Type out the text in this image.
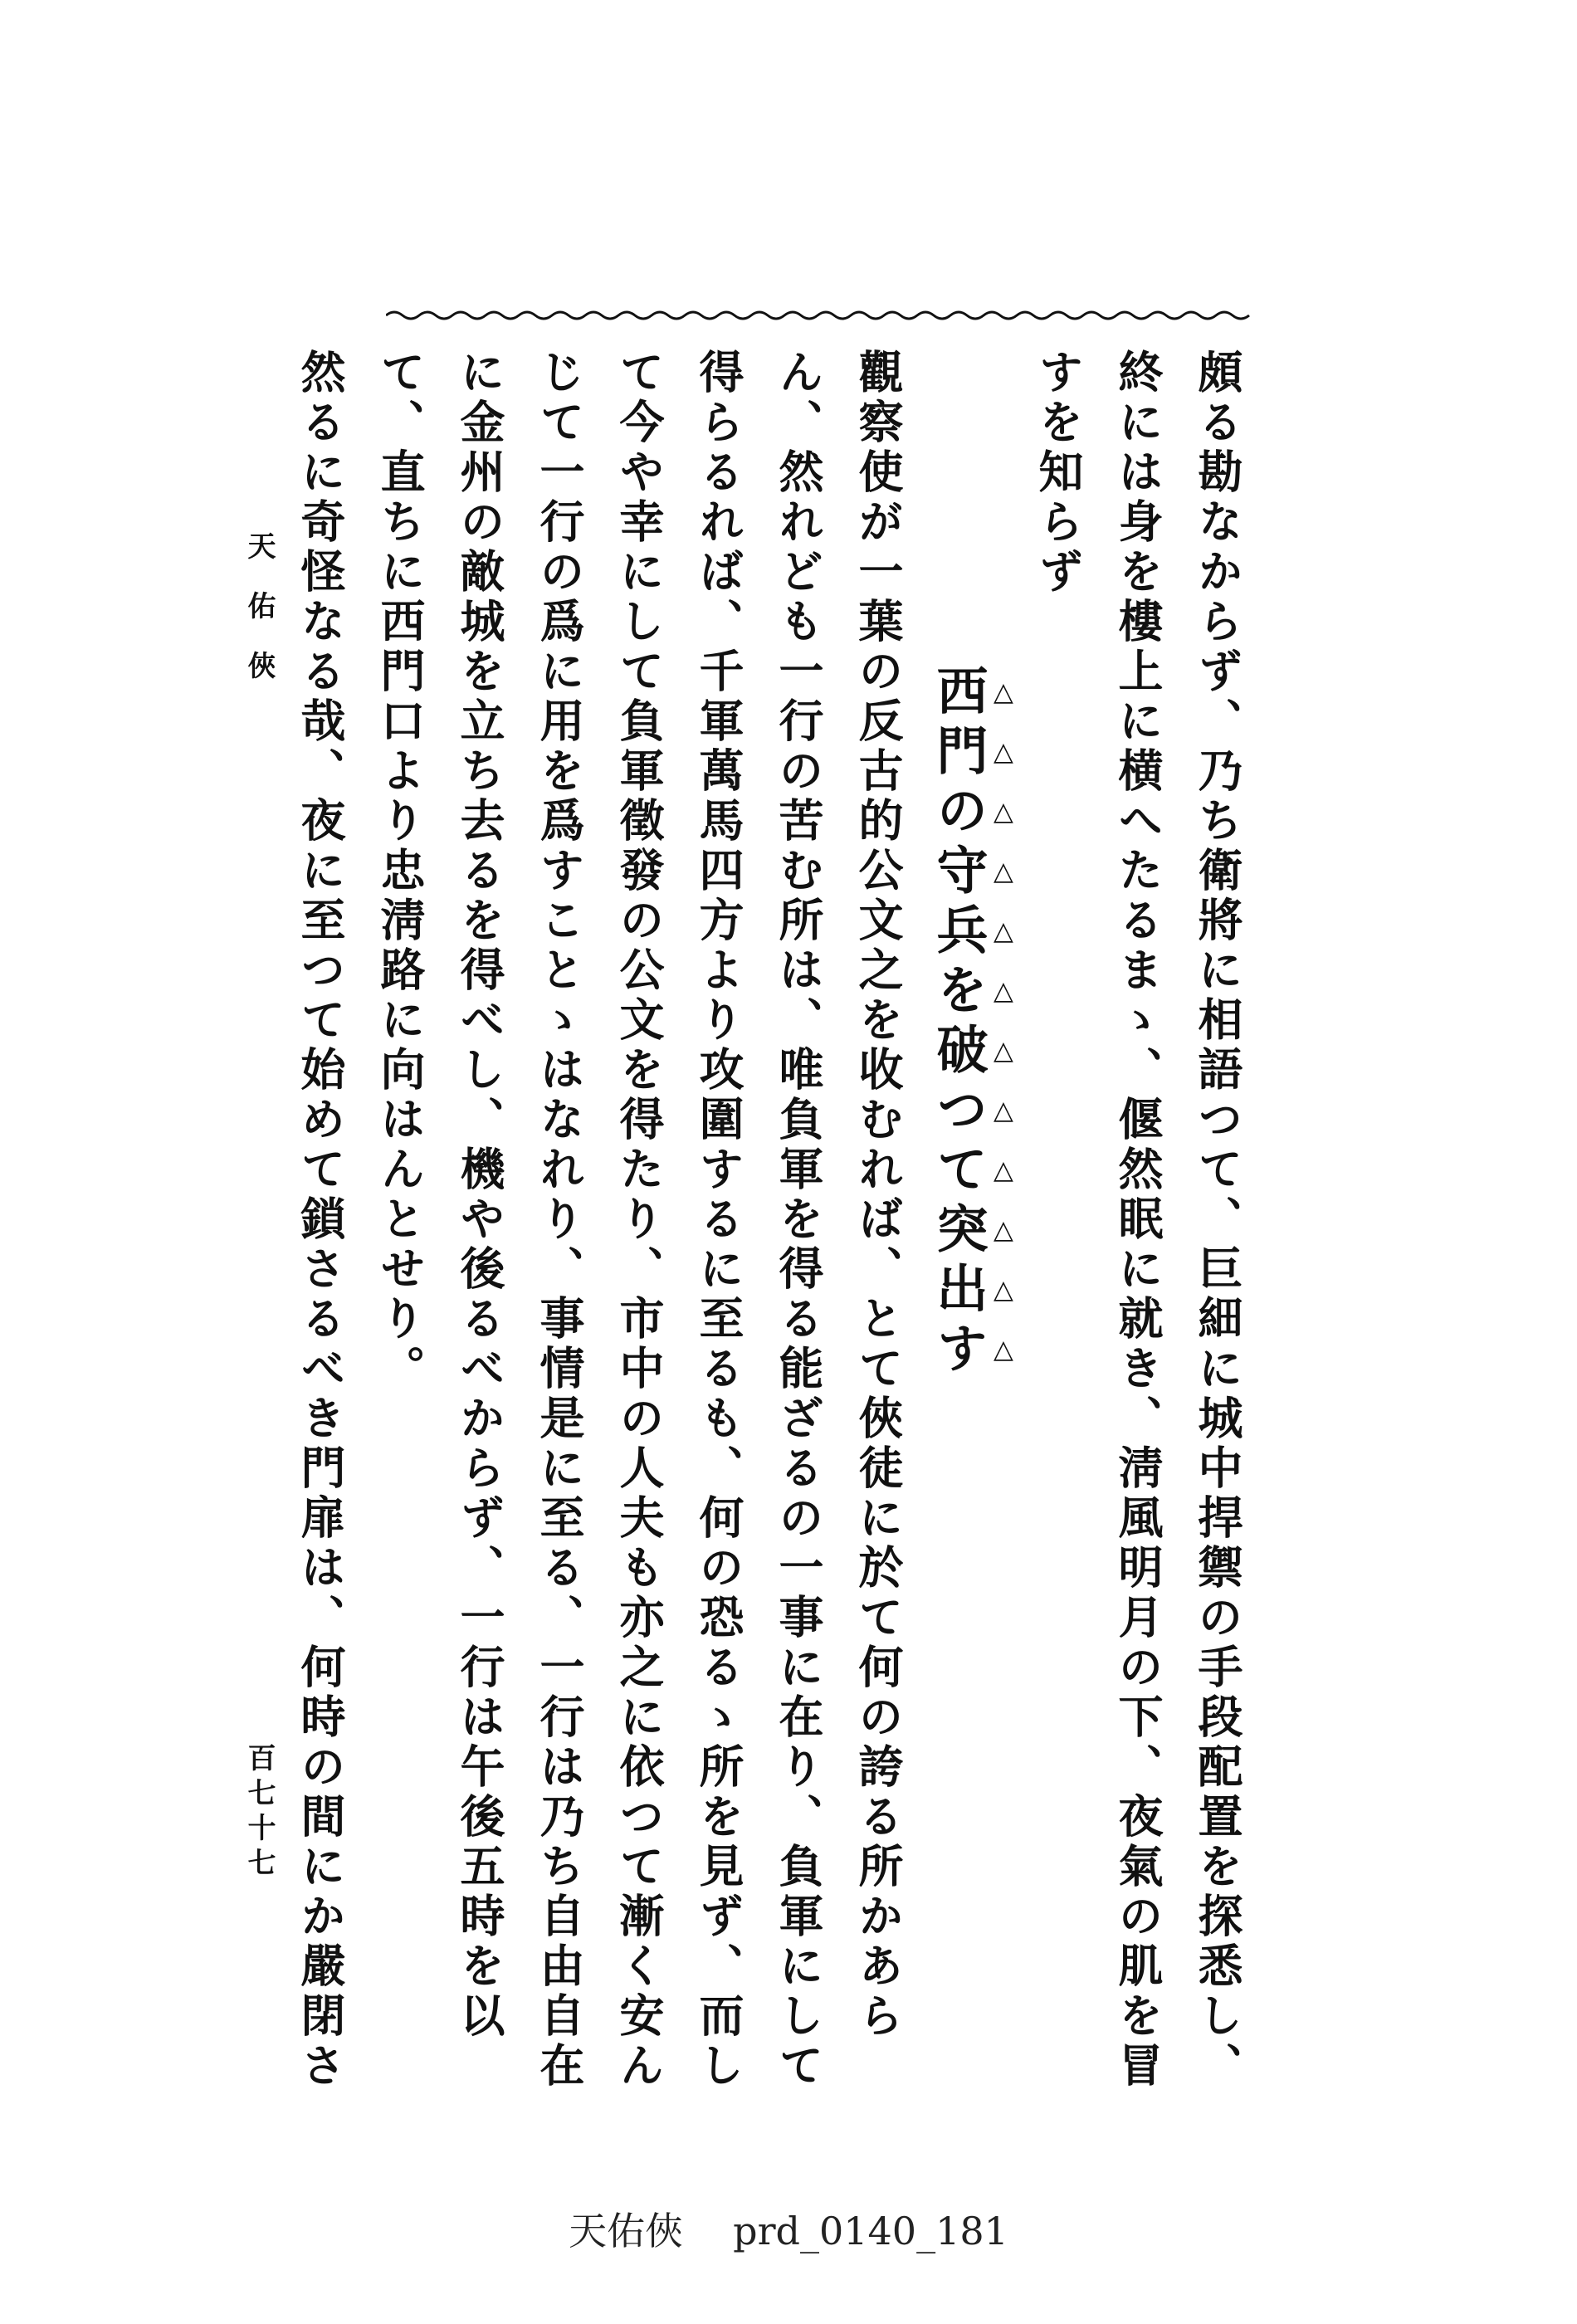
頗る勘なからず、乃ち衛將に相語つて、巨細に城中捍禦の手段配置を探悉し、終には身を樓上に横へたるまゝ、偃然眠に就き、淸風明月の下、夜氣の肌を冒すを知らず

西門の守兵を破つて突出す

觀察使が一葉の反古的公文之を收むれば、とて俠徒に於て何の誇る所かあらん、然れども一行の苦む所は、唯負軍を得る能ざるの一事に在り、負軍にして得らるれば、千軍萬馬四方より攻圍するに至るも、何の恐るゝ所を見ず、而して今や幸にして負軍徵發の公文を得たり、市中の人夫も亦之に依つて漸く安んじて一行の爲に用を爲すことゝはなれり、事情是に至る、一行は乃ち自由自在に金州の敵城を立ち去るを得べし、機や後るべからず、一行は午後五時を以て、直ちに西門口より忠淸路に向はんとせり。

然るに奇怪なる哉、夜に至つて始めて鎖さるべき門扉は、何時の間にか嚴閉さ

天佑俠
百七十七
天佑俠 prd_0140_181
